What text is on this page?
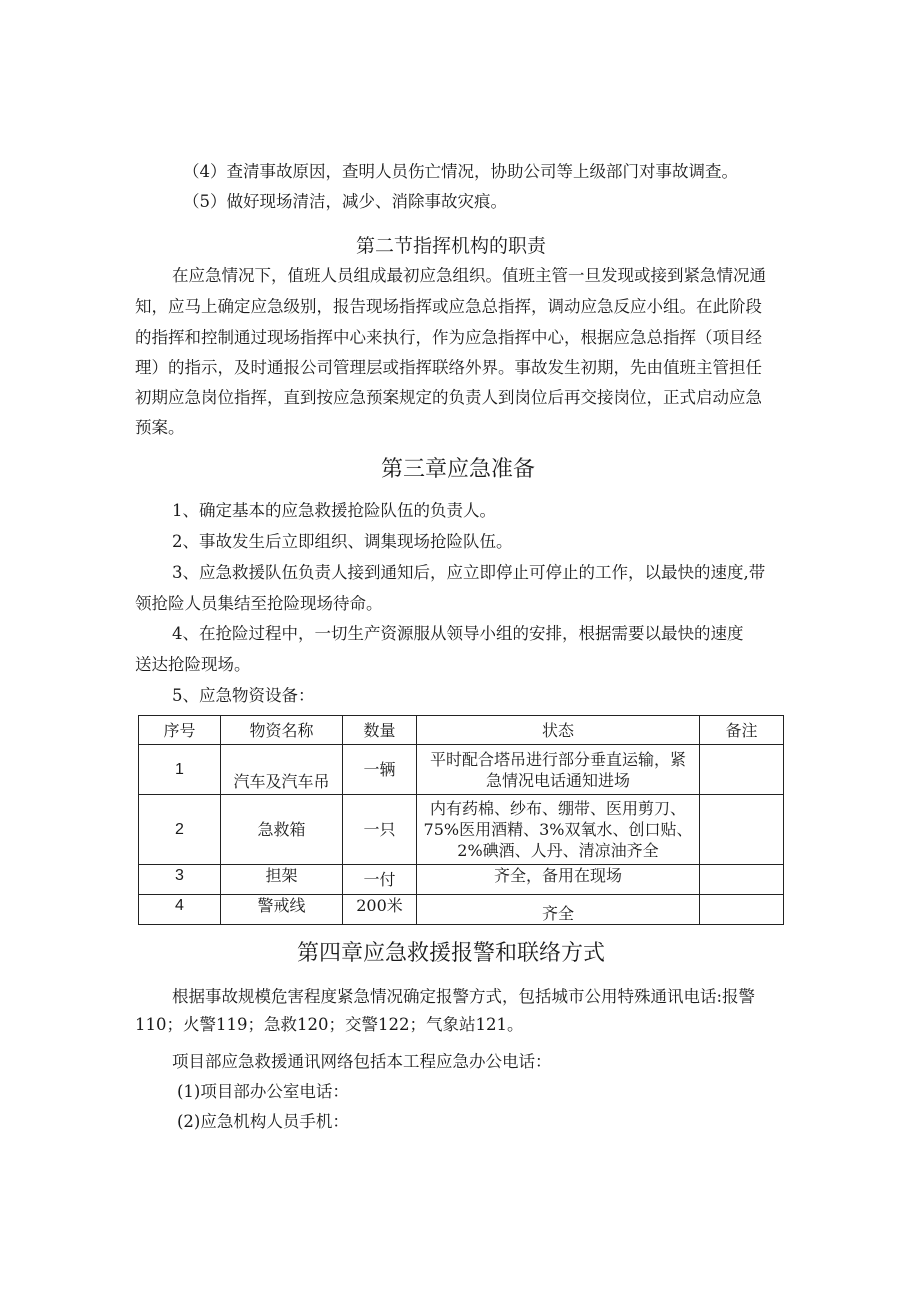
（4）查清事故原因，查明人员伤亡情况，协助公司等上级部门对事故调查。
（5）做好现场清洁，减少、消除事故灾痕。
第二节指挥机构的职责
在应急情况下，值班人员组成最初应急组织。值班主管一旦发现或接到紧急情况通
知，应马上确定应急级别，报告现场指挥或应急总指挥，调动应急反应小组。在此阶段
的指挥和控制通过现场指挥中心来执行，作为应急指挥中心，根据应急总指挥（项目经
理）的指示，及时通报公司管理层或指挥联络外界。事故发生初期，先由值班主管担任
初期应急岗位指挥，直到按应急预案规定的负责人到岗位后再交接岗位，正式启动应急
预案。
第三章应急准备
1、确定基本的应急救援抢险队伍的负责人。
2、事故发生后立即组织、调集现场抢险队伍。
3、应急救援队伍负责人接到通知后，应立即停止可停止的工作，以最快的速度,带
领抢险人员集结至抢险现场待命。
4、在抢险过程中，一切生产资源服从领导小组的安排，根据需要以最快的速度
送达抢险现场。
5、应急物资设备：
序号	物资名称	数量	状态	备注
1	汽车及汽车吊	一辆	平时配合塔吊进行部分垂直运输，紧
急情况电话通知进场	

2	急救箱	一只	内有药棉、纱布、绷带、医用剪刀、
75%医用酒精、3%双氧水、创口贴、
2%碘酒、人丹、清凉油齐全	

3	担架	一付	齐全，备用在现场	

4	警戒线	200米	齐全	

第四章应急救援报警和联络方式
根据事故规模危害程度紧急情况确定报警方式，包括城市公用特殊通讯电话:报警
110；火警119；急救120；交警122；气象站121。
项目部应急救援通讯网络包括本工程应急办公电话：
(1)项目部办公室电话：
(2)应急机构人员手机：
